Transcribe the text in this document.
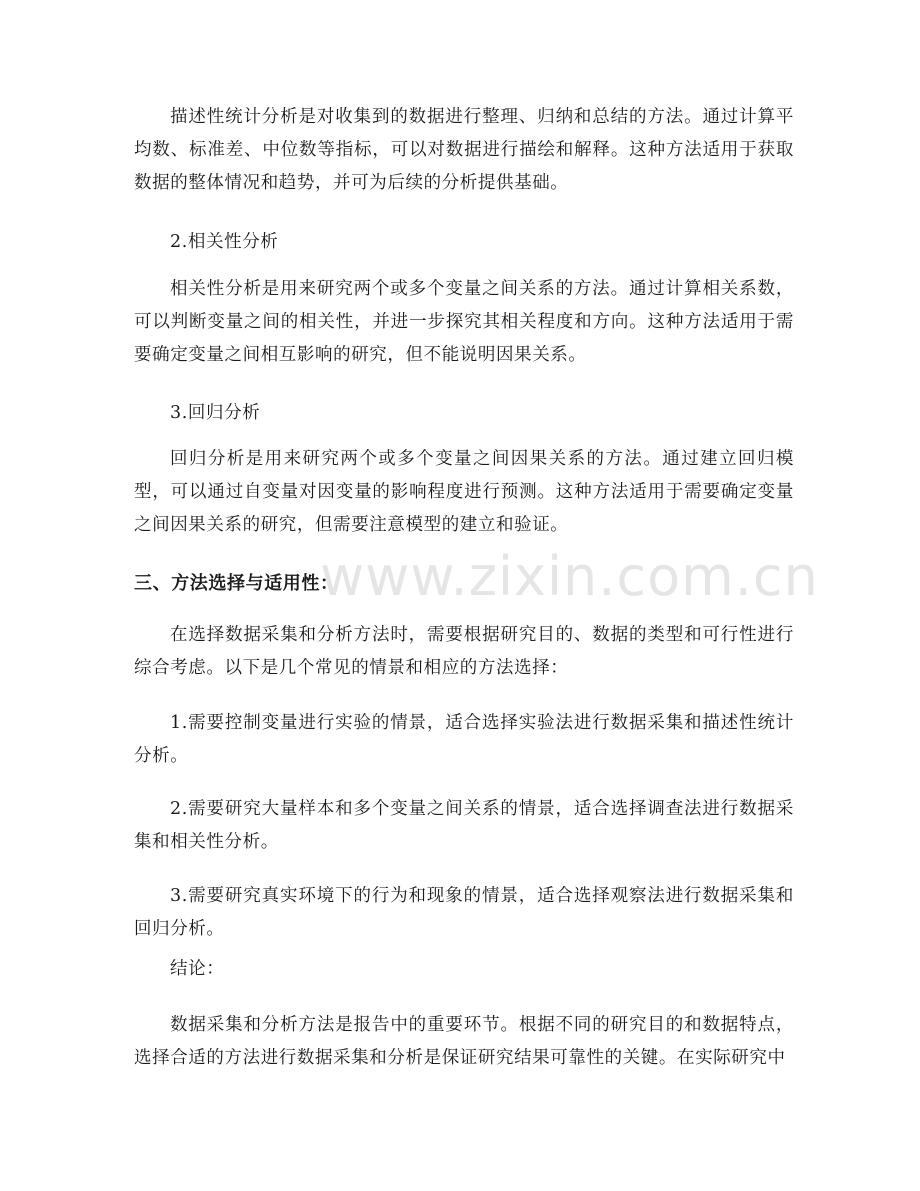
描述性统计分析是对收集到的数据进行整理、归纳和总结的方法。通过计算平均数、标准差、中位数等指标，可以对数据进行描绘和解释。这种方法适用于获取数据的整体情况和趋势，并可为后续的分析提供基础。

2.相关性分析

相关性分析是用来研究两个或多个变量之间关系的方法。通过计算相关系数，可以判断变量之间的相关性，并进一步探究其相关程度和方向。这种方法适用于需要确定变量之间相互影响的研究，但不能说明因果关系。

3.回归分析

回归分析是用来研究两个或多个变量之间因果关系的方法。通过建立回归模型，可以通过自变量对因变量的影响程度进行预测。这种方法适用于需要确定变量之间因果关系的研究，但需要注意模型的建立和验证。

三、方法选择与适用性：

在选择数据采集和分析方法时，需要根据研究目的、数据的类型和可行性进行综合考虑。以下是几个常见的情景和相应的方法选择：

1.需要控制变量进行实验的情景，适合选择实验法进行数据采集和描述性统计分析。

2.需要研究大量样本和多个变量之间关系的情景，适合选择调查法进行数据采集和相关性分析。

3.需要研究真实环境下的行为和现象的情景，适合选择观察法进行数据采集和回归分析。

结论：

数据采集和分析方法是报告中的重要环节。根据不同的研究目的和数据特点，选择合适的方法进行数据采集和分析是保证研究结果可靠性的关键。在实际研究中

www.zixin.com.cn
